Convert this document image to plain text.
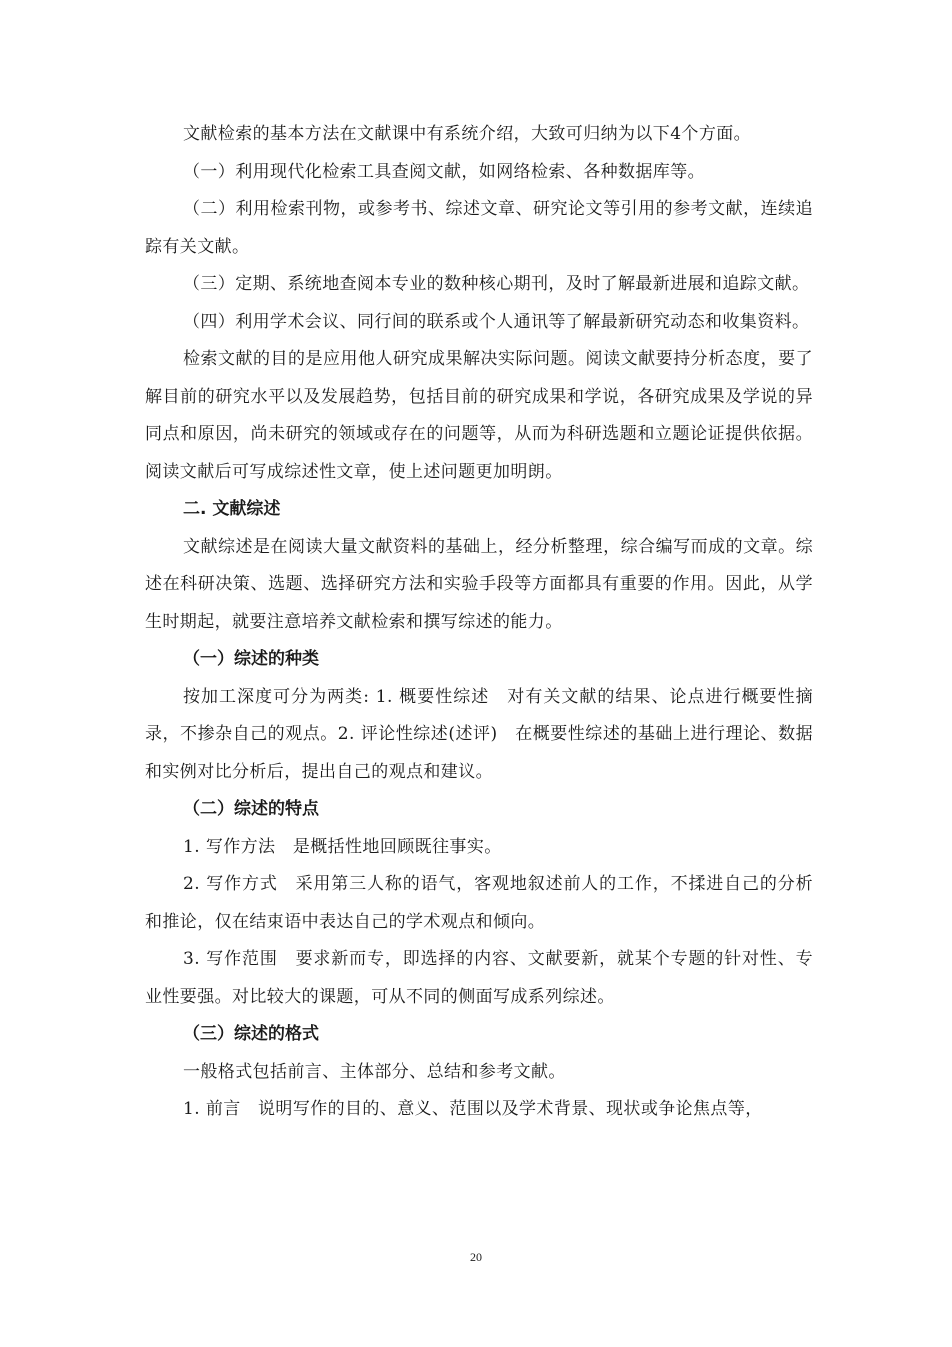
文献检索的基本方法在文献课中有系统介绍，大致可归纳为以下4个方面。

（一）利用现代化检索工具查阅文献，如网络检索、各种数据库等。

（二）利用检索刊物，或参考书、综述文章、研究论文等引用的参考文献，连续追踪有关文献。

（三）定期、系统地查阅本专业的数种核心期刊，及时了解最新进展和追踪文献。

（四）利用学术会议、同行间的联系或个人通讯等了解最新研究动态和收集资料。

检索文献的目的是应用他人研究成果解决实际问题。阅读文献要持分析态度，要了解目前的研究水平以及发展趋势，包括目前的研究成果和学说，各研究成果及学说的异同点和原因，尚未研究的领域或存在的问题等，从而为科研选题和立题论证提供依据。阅读文献后可写成综述性文章，使上述问题更加明朗。

二. 文献综述

文献综述是在阅读大量文献资料的基础上，经分析整理，综合编写而成的文章。综述在科研决策、选题、选择研究方法和实验手段等方面都具有重要的作用。因此，从学生时期起，就要注意培养文献检索和撰写综述的能力。

（一）综述的种类

按加工深度可分为两类: 1. 概要性综述　对有关文献的结果、论点进行概要性摘录，不掺杂自己的观点。2. 评论性综述(述评)　在概要性综述的基础上进行理论、数据和实例对比分析后，提出自己的观点和建议。

（二）综述的特点

1. 写作方法　是概括性地回顾既往事实。

2. 写作方式　采用第三人称的语气，客观地叙述前人的工作，不揉进自己的分析和推论，仅在结束语中表达自己的学术观点和倾向。

3. 写作范围　要求新而专，即选择的内容、文献要新，就某个专题的针对性、专业性要强。对比较大的课题，可从不同的侧面写成系列综述。

（三）综述的格式

一般格式包括前言、主体部分、总结和参考文献。

1. 前言　说明写作的目的、意义、范围以及学术背景、现状或争论焦点等，

20
